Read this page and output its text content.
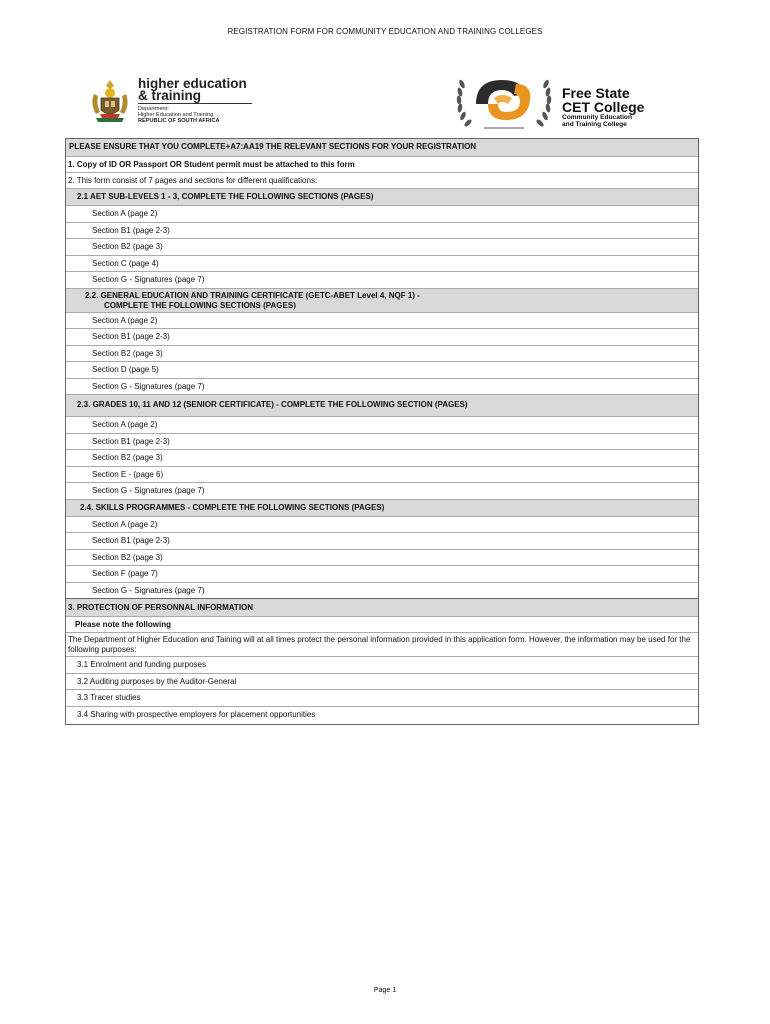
REGISTRATION FORM FOR COMMUNITY EDUCATION AND TRAINING COLLEGES
higher education
& training
Department:
Higher Education and Training
REPUBLIC OF SOUTH AFRICA
Free State
CET College
Community Education
and Training College
PLEASE ENSURE THAT YOU COMPLETE+A7:AA19 THE RELEVANT SECTIONS FOR YOUR REGISTRATION
1. Copy of ID OR Passport OR Student permit must be attached to this form
2. This form consist of 7 pages and sections for different qualifications:
2.1 AET SUB-LEVELS 1 - 3, COMPLETE THE FOLLOWING SECTIONS (PAGES)
Section A (page 2)
Section B1 (page 2-3)
Section B2 (page 3)
Section C (page 4)
Section G - Signatures (page 7)
2.2. GENERAL EDUCATION AND TRAINING CERTIFICATE (GETC-ABET Level 4, NQF 1) -
COMPLETE THE FOLLOWING SECTIONS (PAGES)
Section A (page 2)
Section B1 (page 2-3)
Section B2 (page 3)
Section D (page 5)
Section G - Signatures (page 7)
2.3. GRADES 10, 11 AND 12 (SENIOR CERTIFICATE) - COMPLETE THE FOLLOWING SECTION (PAGES)
Section A (page 2)
Section B1 (page 2-3)
Section B2 (page 3)
Section E - (page 6)
Section G - Signatures (page 7)
2.4. SKILLS PROGRAMMES - COMPLETE THE FOLLOWING SECTIONS (PAGES)
Section A (page 2)
Section B1 (page 2-3)
Section B2 (page 3)
Section F (page 7)
Section G - Signatures (page 7)
3. PROTECTION OF PERSONNAL INFORMATION
Please note the following
The Department of Higher Education and Taining will at all times protect the personal information provided in this application form. However, the information may be used for the following purposes:
3.1 Enrolment and funding purposes
3.2 Auditing purposes by the Auditor-General
3.3 Tracer studies
3.4 Sharing with prospective employers for placement opportunities
Page 1
